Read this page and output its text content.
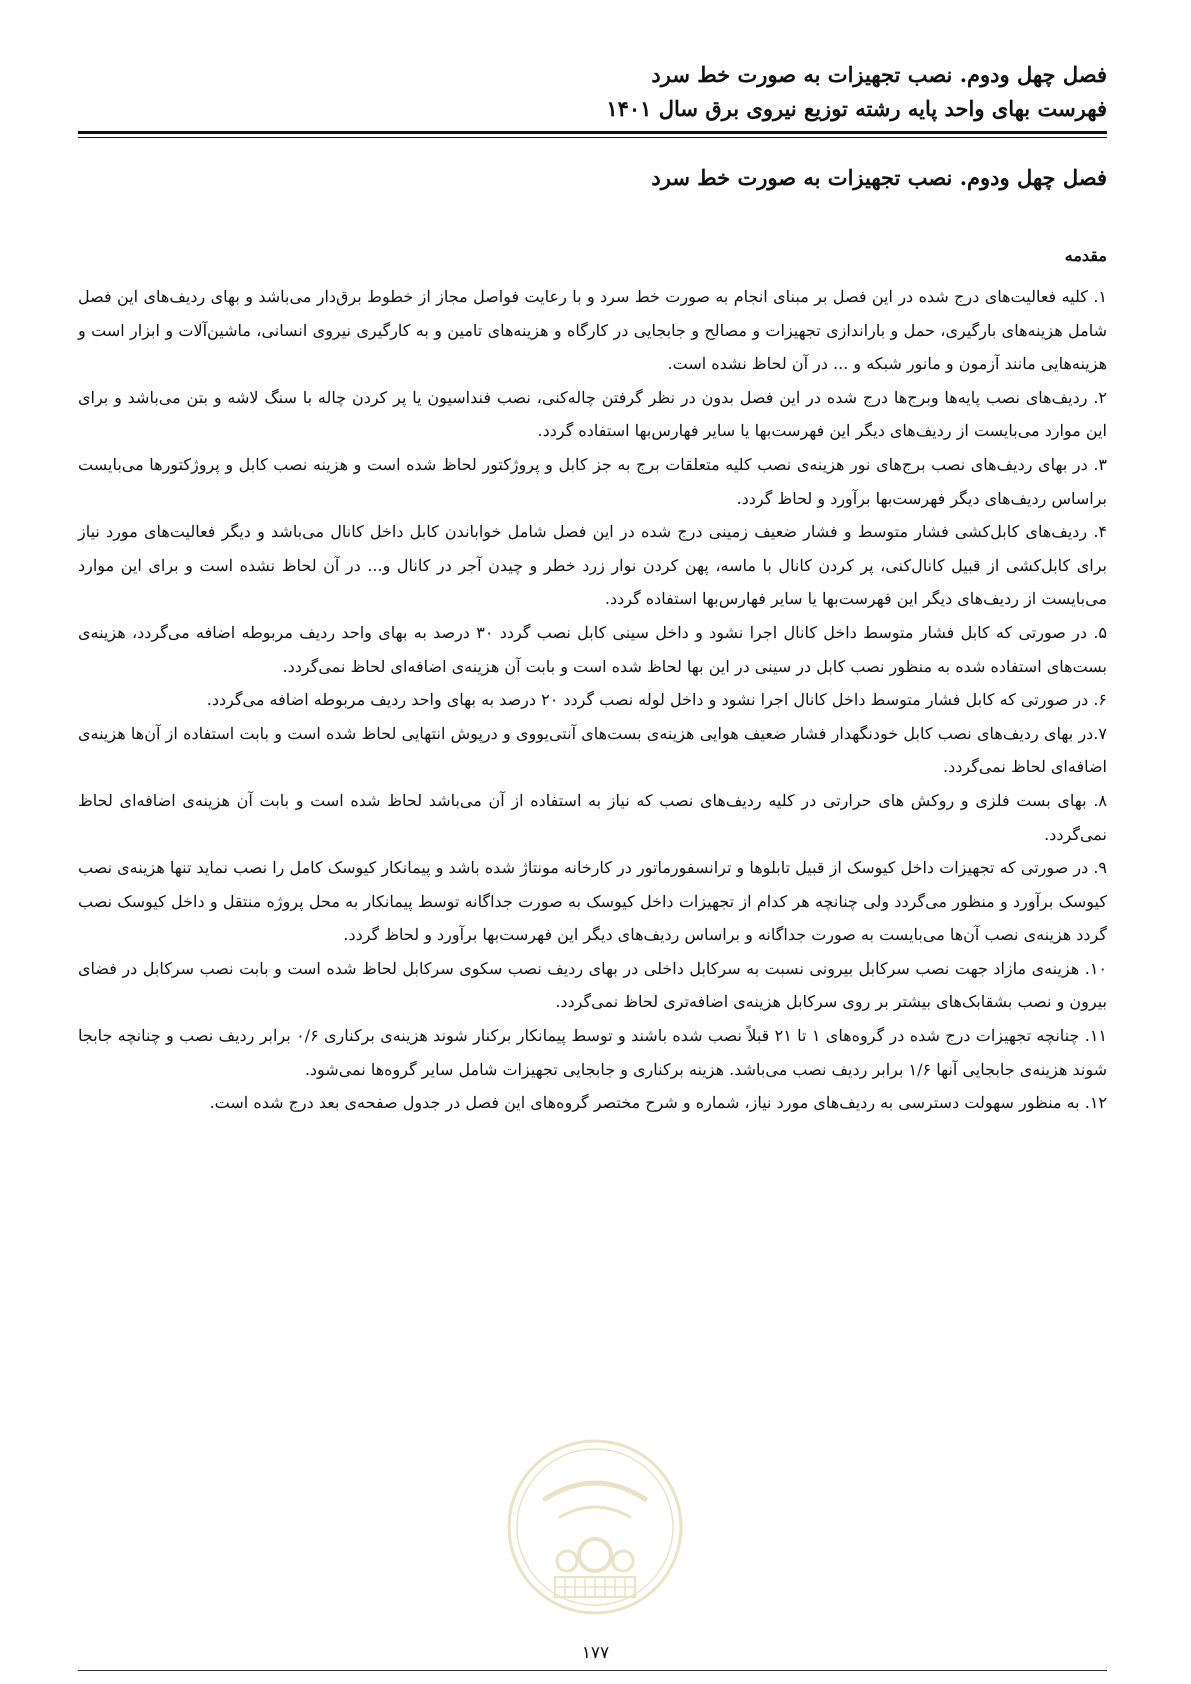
فصل چهل ودوم. نصب تجهیزات به صورت خط سرد
فهرست بهای واحد پایه رشته توزیع نیروی برق سال ۱۴۰۱
فصل چهل ودوم. نصب تجهیزات به صورت خط سرد
مقدمه

۱. کلیه فعالیت‌های درج شده در این فصل بر مبنای انجام به صورت خط سرد و با رعایت فواصل مجاز از خطوط برق‌دار می‌باشد و بهای ردیف‌های این فصل شامل هزینه‌های بارگیری، حمل و باراندازی تجهیزات و مصالح و جابجایی در کارگاه و هزینه‌های تامین و به کارگیری نیروی انسانی، ماشین‌آلات و ابزار است و هزینه‌هایی مانند آزمون و مانور شبکه و ... در آن لحاظ نشده است.

۲. ردیف‌های نصب پایه‌ها وبرج‌ها درج شده در این فصل بدون در نظر گرفتن چاله‌کنی، نصب فنداسیون یا پر کردن چاله با سنگ لاشه و بتن می‌باشد و برای این موارد می‌بایست از ردیف‌های دیگر این فهرست‌بها یا سایر فهارس‌بها استفاده گردد.

۳. در بهای ردیف‌های نصب برج‌های نور هزینه‌ی نصب کلیه متعلقات برج به جز کابل و پروژکتور لحاظ شده است و هزینه نصب کابل و پروژکتورها می‌بایست براساس ردیف‌های دیگر فهرست‌بها برآورد و لحاظ گردد.

۴. ردیف‌های کابل‌کشی فشار متوسط و فشار ضعیف زمینی درج شده در این فصل شامل خواباندن کابل داخل کانال می‌باشد و دیگر فعالیت‌های مورد نیاز برای کابل‌کشی از قبیل کانال‌کنی، پر کردن کانال با ماسه، پهن کردن نوار زرد خطر و چیدن آجر در کانال و... در آن لحاظ نشده است و برای این موارد می‌بایست از ردیف‌های دیگر این فهرست‌بها یا سایر فهارس‌بها استفاده گردد.

۵. در صورتی که کابل فشار متوسط داخل کانال اجرا نشود و داخل سینی کابل نصب گردد ۳۰ درصد به بهای واحد ردیف مربوطه اضافه می‌گردد، هزینه‌ی بست‌های استفاده شده به منظور نصب کابل در سینی در این بها لحاظ شده است و بابت آن هزینه‌ی اضافه‌ای لحاظ نمی‌گردد.

۶. در صورتی که کابل فشار متوسط داخل کانال اجرا نشود و داخل لوله نصب گردد ۲۰ درصد به بهای واحد ردیف مربوطه اضافه می‌گردد.

۷.در بهای ردیف‌های نصب کابل خودنگهدار فشار ضعیف هوایی هزینه‌ی بست‌های آنتی‌یووی و درپوش انتهایی لحاظ شده است و بابت استفاده از آن‌ها هزینه‌ی اضافه‌ای لحاظ نمی‌گردد.

۸. بهای بست فلزی و روکش های حرارتی در کلیه ردیف‌های نصب که نیاز به استفاده از آن می‌باشد لحاظ شده است و بابت آن هزینه‌ی اضافه‌ای لحاظ نمی‌گردد.

۹. در صورتی که تجهیزات داخل کیوسک از قبیل تابلوها و ترانسفورماتور در کارخانه مونتاژ شده باشد و پیمانکار کیوسک کامل را نصب نماید تنها هزینه‌ی نصب کیوسک برآورد و منظور می‌گردد ولی چنانچه هر کدام از تجهیزات داخل کیوسک به صورت جداگانه توسط پیمانکار به محل پروژه منتقل و داخل کیوسک نصب گردد هزینه‌ی نصب آن‌ها می‌بایست به صورت جداگانه و براساس ردیف‌های دیگر این فهرست‌بها برآورد و لحاظ گردد.

۱۰. هزینه‌ی مازاد جهت نصب سرکابل بیرونی نسبت به سرکابل داخلی در بهای ردیف نصب سکوی سرکابل لحاظ شده است و بابت نصب سرکابل در فضای بیرون و نصب بشقابک‌های بیشتر بر روی سرکابل هزینه‌ی اضافه‌تری لحاظ نمی‌گردد.

۱۱. چنانچه تجهیزات درج شده در گروه‌های ۱ تا ۲۱ قبلاً نصب شده باشند و توسط پیمانکار برکنار شوند هزینه‌ی برکناری ۰/۶ برابر ردیف نصب و چنانچه جابجا شوند هزینه‌ی جابجایی آنها ۱/۶ برابر ردیف نصب می‌باشد. هزینه برکناری و جابجایی تجهیزات شامل سایر گروه‌ها نمی‌شود.

۱۲. به منظور سهولت دسترسی به ردیف‌های مورد نیاز، شماره و شرح مختصر گروه‌های این فصل در جدول صفحه‌ی بعد درج شده است.

۱۷۷
